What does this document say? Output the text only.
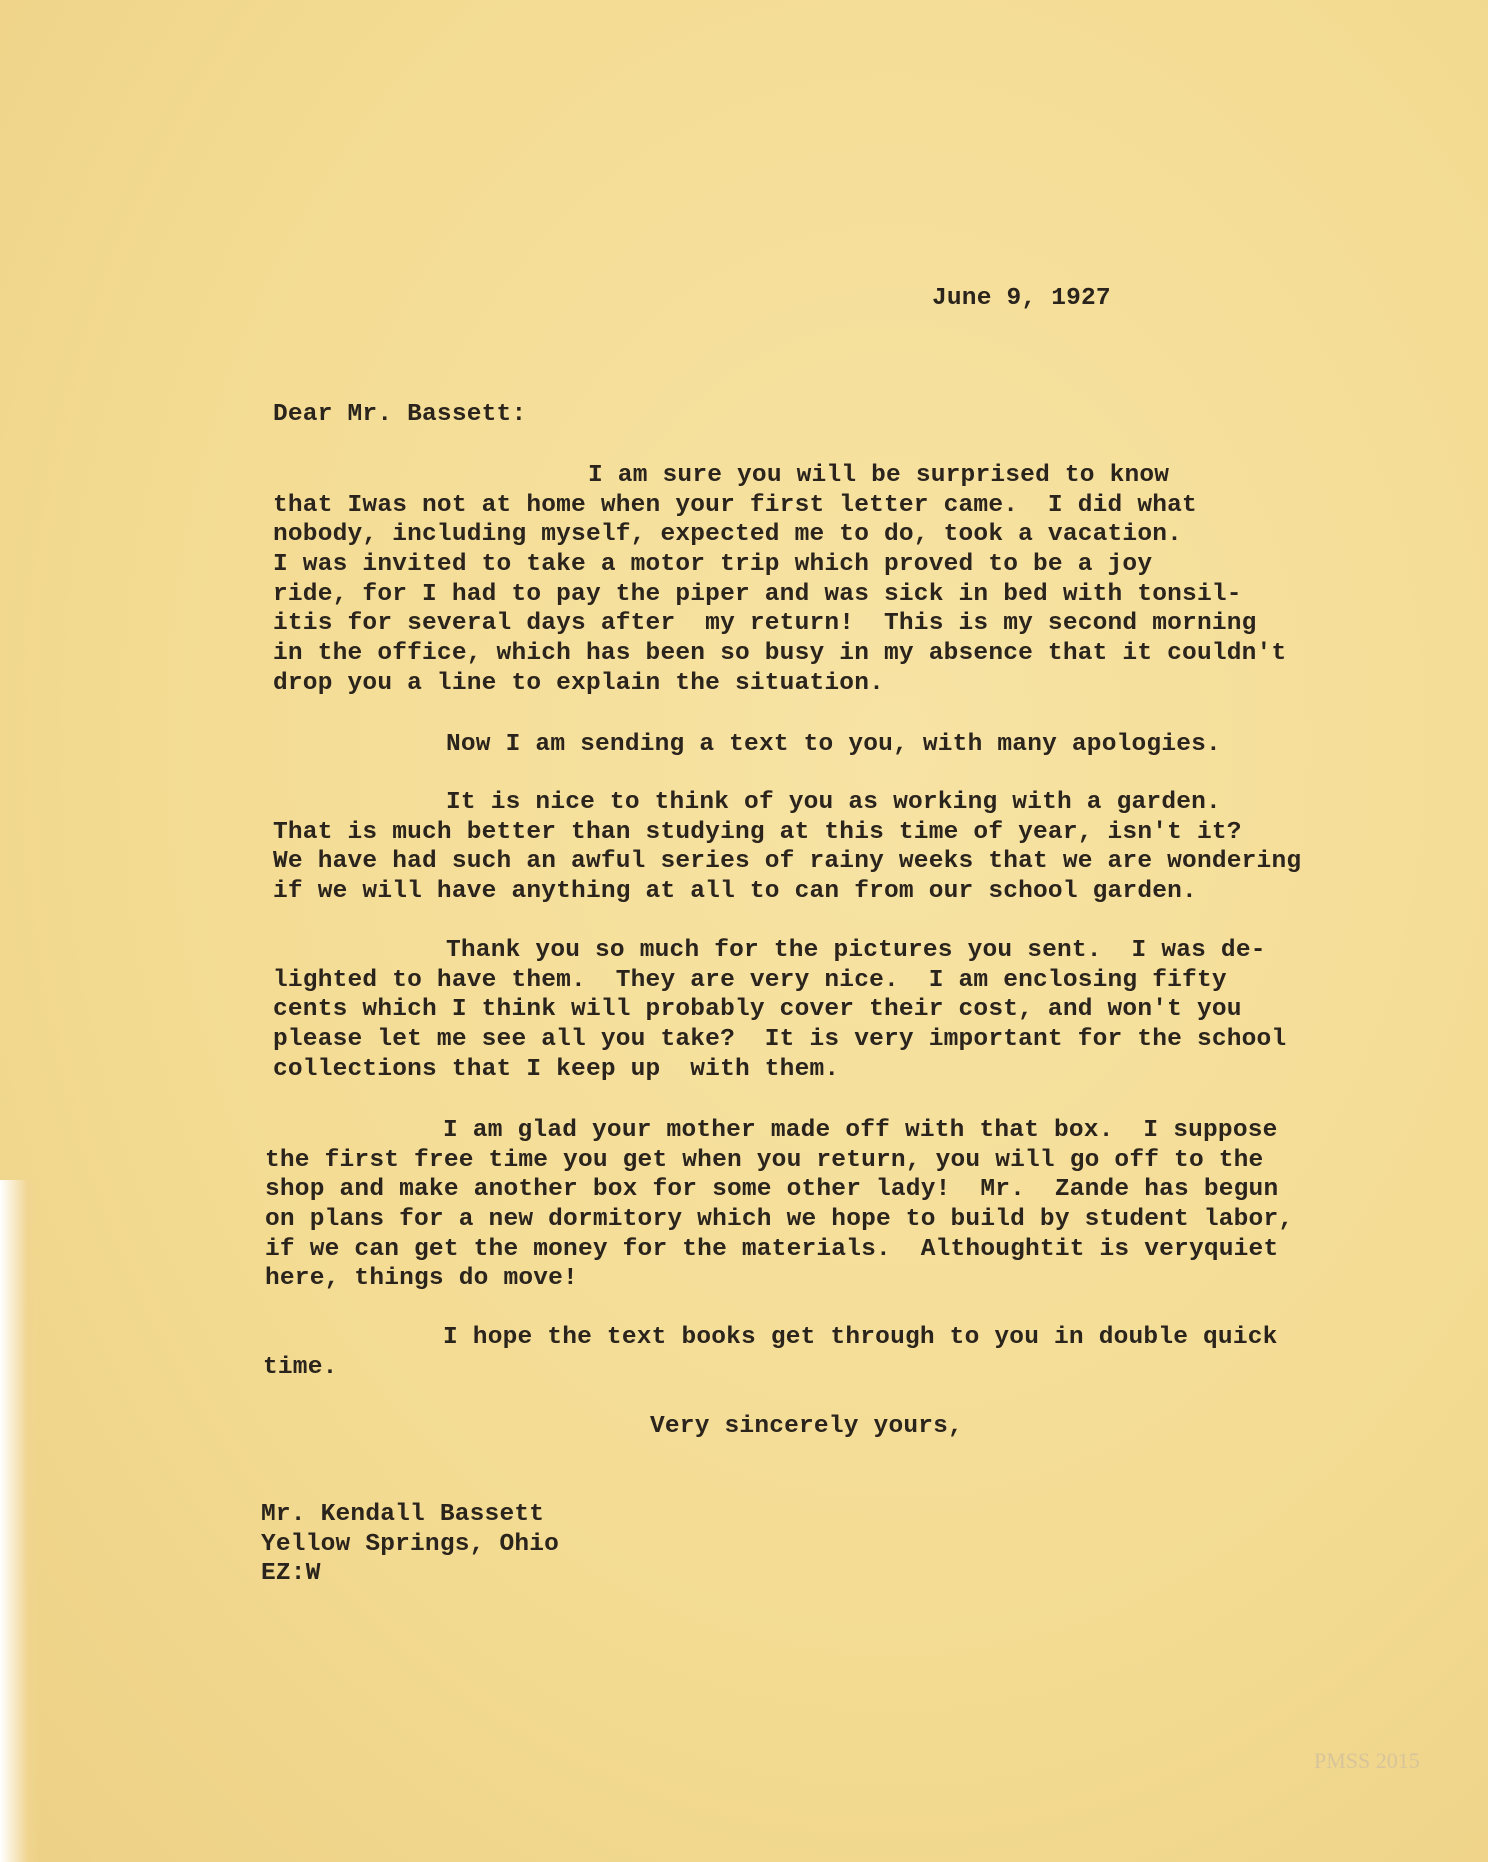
June 9, 1927
Dear Mr. Bassett:
I am sure you will be surprised to know
that Iwas not at home when your first letter came.  I did what
nobody, including myself, expected me to do, took a vacation.
I was invited to take a motor trip which proved to be a joy
ride, for I had to pay the piper and was sick in bed with tonsil-
itis for several days after  my return!  This is my second morning
in the office, which has been so busy in my absence that it couldn't
drop you a line to explain the situation.
Now I am sending a text to you, with many apologies.
It is nice to think of you as working with a garden.
That is much better than studying at this time of year, isn't it?
We have had such an awful series of rainy weeks that we are wondering
if we will have anything at all to can from our school garden.
Thank you so much for the pictures you sent.  I was de-
lighted to have them.  They are very nice.  I am enclosing fifty
cents which I think will probably cover their cost, and won't you
please let me see all you take?  It is very important for the school
collections that I keep up  with them.
I am glad your mother made off with that box.  I suppose
the first free time you get when you return, you will go off to the
shop and make another box for some other lady!  Mr.  Zande has begun
on plans for a new dormitory which we hope to build by student labor,
if we can get the money for the materials.  Althoughtit is veryquiet
here, things do move!
I hope the text books get through to you in double quick
time.
Very sincerely yours,
Mr. Kendall Bassett
Yellow Springs, Ohio
EZ:W
PMSS 2015
